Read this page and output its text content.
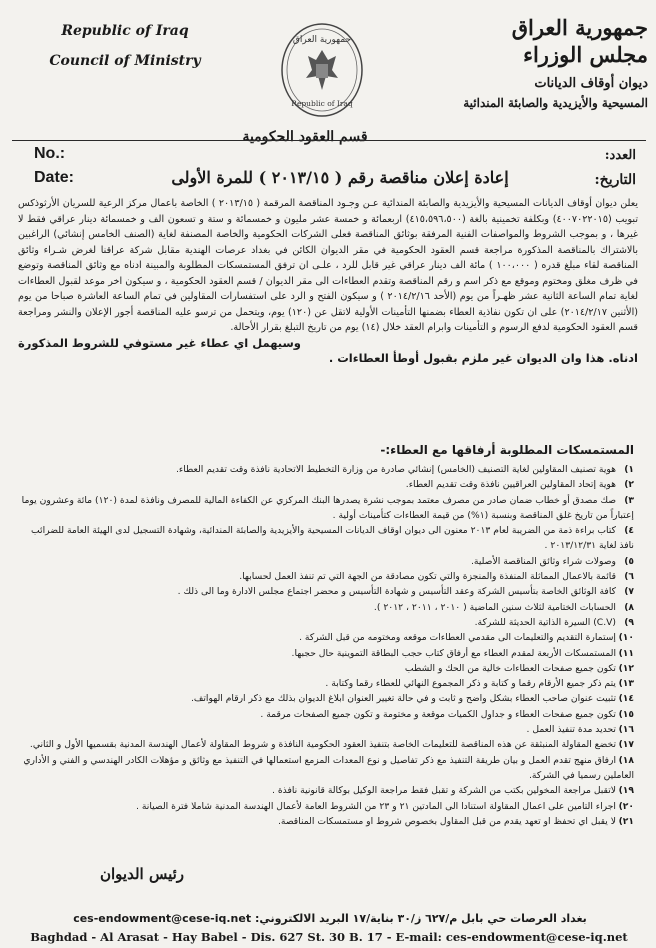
Republic of Iraq
Council of Ministry
جمهورية العراق
Republic of Iraq
جمهورية العراق
مجلس الوزراء
ديوان أوقاف الديانات
المسيحية والأيزيدية والصابئة المندائية
قسم العقود الحكومية
No.:
Date:
العدد:
التاريخ:
إعادة إعلان مناقصة رقم ( ٢٠١٣/١٥ ) للمرة الأولى

يعلن ديوان أوقاف الديانات المسيحية والأيزيدية والصابئة المندائية عـن وجـود المناقصة المرقمة ( ٢٠١٣/١٥ ) الخاصة باعمال مركز الرعية للسريان الأرثوذكس تبويب (٤٠٠٧٠٢٢٠١٥) وبكلفة تخمينية بالغة (٤١٥،٥٩٦،٥٠٠) اربعمائة و خمسة عشر مليون و خمسمائة و ستة و تسعون الف و خمسمائة دينار عراقي فقط لا غيرها ، و بموجب الشروط والمواصفات الفنية المرفقة بوثائق المناقصة فعلى الشركات الحكومية والخاصة المصنفة لغاية (الصنف الخامس إنشائي) الراغبين بالاشتراك بالمناقصة المذكورة مراجعة قسم العقود الحكومية في مقر الديوان الكائن في بغداد عرصات الهندية مقابل شركة عراقنا لغرض شـراء وثائق المناقصة لقاء مبلغ قدره ( ١٠٠،٠٠٠ ) مائة الف دينار عراقي غير قابل للرد ، علـى ان ترفق المستمسكات المطلوبة والمبينة ادناه مع وثائق المناقصة وتوضع في ظرف مغلق ومختوم وموقع مع ذكر اسم و رقم المناقصة وتقدم العطاءات الى مقر الديوان / قسم العقود الحكومية ، و سيكون اخر موعد لقبول العطاءات لغاية تمام الساعة الثانية عشر ظهـراً من يوم (الأحد ٢٠١٤/٢/١٦ ) و سيكون الفتح و الرد على استفسارات المقاولين في تمام الساعة العاشرة صباحا من يوم (الأثنين ٢٠١٤/٢/١٧) على ان تكون نفاذية العطاء بضمنها التأمينات الأولية لاتقل عن (١٢٠) يوم، ويتحمل من ترسو عليه المناقصة أجور الإعلان والنشر ومراجعة قسم العقود الحكومية لدفع الرسوم و التأمينات وابرام العقد خلال (١٤) يوم من تاريخ التبلغ بقرار الأحالة.

وسيهمل اي عطاء غير مستوفي للشروط المذكورة

ادناه. هذا وان الديوان غير ملزم بقبول أوطأ العطاءات .

المستمسكات المطلوبة أرفاقها مع العطاء:-
١)هوية تصنيف المقاولين لغاية التصنيف (الخامس) إنشائي صادرة من وزارة التخطيط الاتحادية نافذة وقت تقديم العطاء.
٢)هوية إتحاد المقاولين العراقيين نافذة وقت تقديم العطاء.
٣)صك مصدق أو خطاب ضمان صادر من مصرف معتمد بموجب نشرة يصدرها البنك المركزي عن الكفاءة المالية للمصرف ونافذة لمدة (١٢٠) مائة وعشرون يوما إعتباراً من تاريخ غلق المناقصة وبنسبة (١%) من قيمة العطاءات كتأمينات أولية .
٤)كتاب براءة ذمة من الضريبة لعام ٢٠١٣ معنون الى ديوان اوقاف الديانات المسيحية والأيزيدية والصابئة المندائية، وشهادة التسجيل لدى الهيئة العامة للضرائب نافذ لغاية ٢٠١٣/١٢/٣١ .
٥)وصولات شراء وثائق المناقصة الأصلية.
٦)قائمة بالاعمال المماثلة المنفذة والمنجزة والتي تكون مصادقة من الجهة التي تم تنفذ العمل لحسابها.
٧)كافة الوثائق الخاصة بتأسيس الشركة وعقد التأسيس و شهادة التأسيس و محضر اجتماع مجلس الادارة وما الى ذلك .
٨)الحسابات الختامية لثلاث سنين الماضية ( ٢٠١٠ ، ٢٠١١ ، ٢٠١٢ ).
٩)(C.V) السيرة الذاتية الحديثة للشركة.
١٠)إستمارة التقديم والتعليمات الى مقدمي العطاءات موقعه ومختومه من قبل الشركة .
١١)المستمسكات الأربعة لمقدم العطاء مع أرفاق كتاب حجب البطاقة التموينية حال حجبها.
١٢)تكون جميع صفحات العطاءات خالية من الحك و الشطب
١٣)يتم ذكر جميع الأرقام رقما و كتابة و ذكر المجموع النهائي للعطاء رقما وكتابة .
١٤)تثبيت عنوان صاحب العطاء بشكل واضح و ثابت و في حالة تغيير العنوان ابلاغ الديوان بذلك مع ذكر ارقام الهواتف.
١٥)تكون جميع صفحات العطاء و جداول الكميات موقعة و مختومة و تكون جميع الصفحات مرقمة .
١٦)تحديد مدة تنفيذ العمل .
١٧)تخضع المقاولة المنبثقة عن هذه المناقصة للتعليمات الخاصة بتنفيذ العقود الحكومية النافذة و شروط المقاولة لأعمال الهندسة المدنية بقسميها الأول و الثاني.
١٨)ارفاق منهج تقدم العمل و بيان طريقة التنفيذ مع ذكر تفاصيل و نوع المعدات المزمع استعمالها في التنفيذ مع وثائق و مؤهلات الكادر الهندسي و الفني و الأداري العاملين رسميا في الشركة.
١٩)لاتقبل مراجعة المخولين بكتب من الشركة و تقبل فقط مراجعة الوكيل بوكالة قانونية نافذة .
٢٠)اجراء التامين على اعمال المقاولة استنادا الى المادتين ٢١ و ٢٣ من الشروط العامة لأعمال الهندسة المدنية شاملا فترة الصيانة .
٢١)لا يقبل اي تحفظ او تعهد يقدم من قبل المقاول بخصوص شروط او مستمسكات المناقصة.
رئيس الديوان
بغداد العرصات حي بابل م/٦٢٧ ز/٣٠ بناية/١٧ البريد الالكتروني: ces-endowment@cese-iq.net
Baghdad - Al Arasat - Hay Babel - Dis. 627 St. 30 B. 17 - E-mail: ces-endowment@cese-iq.net
